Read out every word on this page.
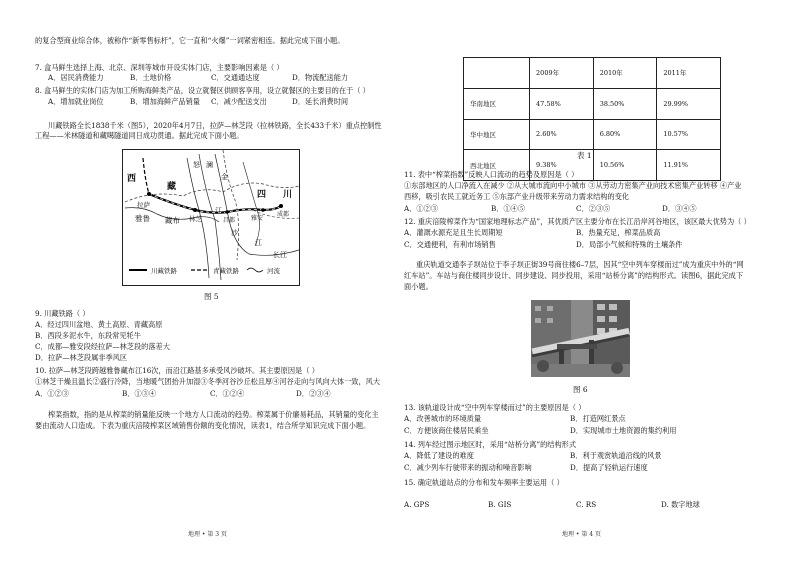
的复合型商业综合体，被称作“新零售标杆”，它一直和“火爆”一词紧密相连。据此完成下面小题。
7. 盒马鲜生选择上海、北京、深圳等城市开设实体门店，主要影响因素是（ ）
A．居民消费能力	B．土地价格	C．交通通达度	D．物流配送能力
8. 盒马鲜生的实体门店为加工所购海鲜类产品，设立就餐区供顾客享用，设立就餐区的主要目的在于（ ）
A．增加就业岗位	B．增加海鲜产品销量 C．减少配送支出	D．延长消费时间
川藏铁路全长1838千米（图5），2020年4月7日，拉萨—林芝段（拉林铁路，全长433千米）重点控制性
工程——米林隧道和藏噶隧道同日成功贯通。据此完成下面小题。
西
藏
拉萨
雅鲁 藏布 林芝
怒 澜
金
江
昌都
沙
四 川
成都
雅安
江
长江
川藏铁路	青藏铁路	河流
图 5
9. 川藏铁路（ ）
A．经过四川盆地、黄土高原、青藏高原
B．西段多泥水牛，东段常见牦牛
C．成都—雅安段经拉萨—林芝段的落差大
D．拉萨—林芝段属非季风区
10. 拉萨—林芝段跨越雅鲁藏布江16次，而沿江路基多承受风沙破坏。其主要原因是（ ）
①林芝干燥且温长②盛行冷降，当地暖气团抬升加湿③冬季河谷沙丘松且厚④河谷走向与风向大体一致，风大
A．①②③	B．①③④	C．①②④	D．②③④
榨菜指数，指的是从榨菜的销量能反映一个地方人口流动的趋势。榨菜属于价廉易耗品，其销量的变化主
要由流动人口造成。下表为重庆涪陵榨菜区域销售份额的变化情况，读表1，结合所学知识完成下面小题。
地理 • 第 3 页
	2009年	2010年	2011年
华南地区	47.58%	38.50%	29.99%
华中地区	2.60%	6.80%	10.57%
西北地区	9.38%	10.56%	11.91%
表 1
11. 表中“榨菜指数”反映人口流动的趋势及原因是（ ）
①东部地区的人口净流入在减少 ②从大城市流向中小城市 ③从劳动力密集产业向技术密集产业转移 ④产业
西移，吸引农民工就近务工 ⑤东部产业升级带来劳动力需求结构的变化
A．①②③	B．①④⑤	C．②③⑤	D．③④⑤
12. 重庆涪陵榨菜作为“国家地理标志产品”，其优质产区主要分布在长江沿岸河谷地区，该区最大优势为（ ）
A．灌溉水源充足且生长周期短	B．热量充足，榨菜品质高
C．交通便利，有利市场销售	D．局部小气候和特殊的土壤条件
重庆轨道交通李子坝站位于李子坝正街39号商住楼6–7层，因其“空中列车穿楼而过”成为重庆中外的“网
红车站”。车站与商住楼同步设计、同步建设、同步投用，采用“站桥分离”的结构形式。读图6，据此完成下
面小题。
图 6
13. 该轨道设计成“空中列车穿楼而过”的主要原因是（ ）
A．改善城市的环境质量	B．打造网红景点
C．方便该商住楼居民乘坐	D．实现城市土地资源的集约利用
14. 列车经过图示地区时，采用“站桥分离”的结构形式
A．降低了建设的难度	B．利于观赏轨道沿线的风景
C．减少列车行驶带来的振动和噪音影响	D．提高了轻轨运行速度
15. 确定轨道站点的分布和发车频率主要运用（ ）
A. GPS	B. GIS	C. RS	D. 数字地球
地理 • 第 4 页
